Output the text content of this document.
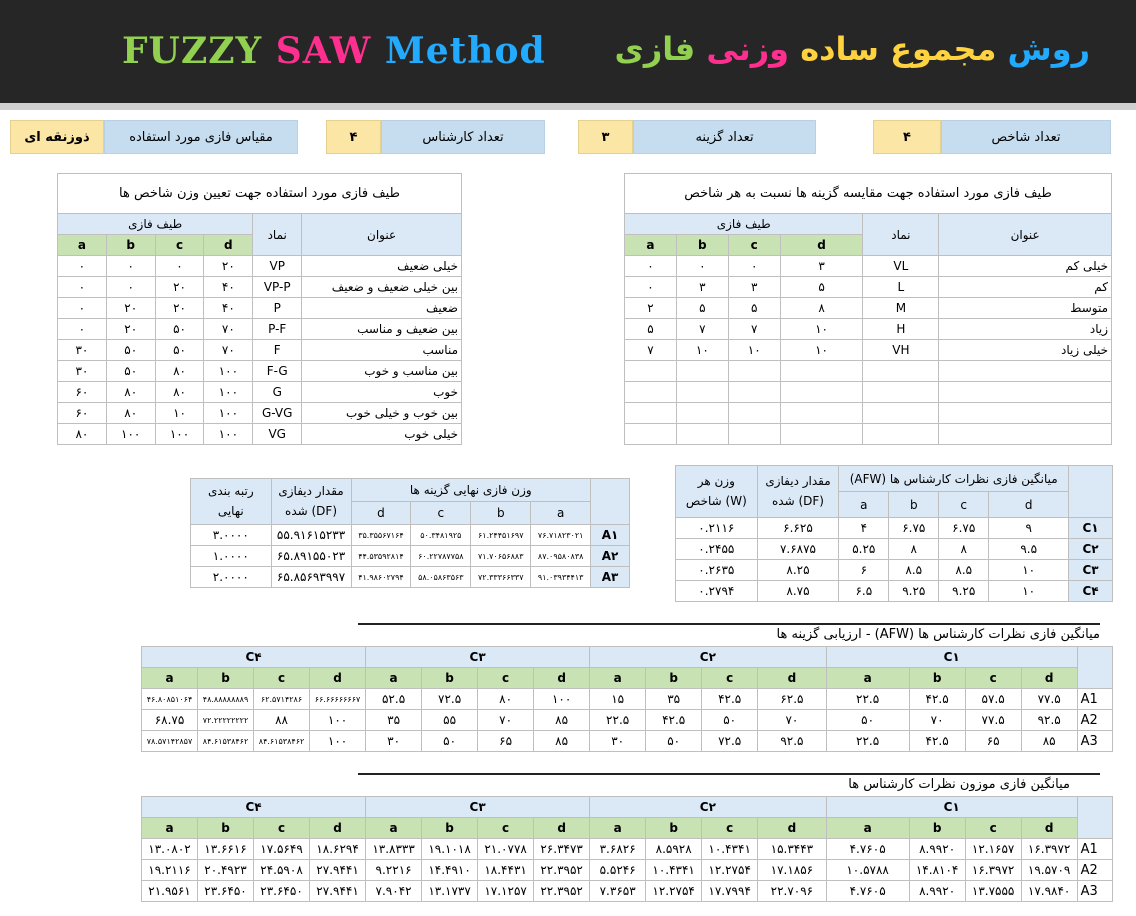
FUZZY SAW Method	روش مجموع ساده وزنی فازی
۴	تعداد شاخص
۳	تعداد گزینه
۴	تعداد کارشناس
ذوزنقه ای	مقیاس فازی مورد استفاده
طیف فازی مورد استفاده جهت تعیین وزن شاخص ها					
طیف فازی				نماد	عنوان
a	b	c	d		
۰	۰	۰	۲۰	VP	خیلی ضعیف
۰	۰	۲۰	۴۰	VP-P	بین خیلی ضعیف و ضعیف
۰	۲۰	۲۰	۴۰	P	ضعیف
۰	۲۰	۵۰	۷۰	P-F	بین ضعیف و مناسب
۳۰	۵۰	۵۰	۷۰	F	مناسب
۳۰	۵۰	۸۰	۱۰۰	F-G	بین مناسب و خوب
۶۰	۸۰	۸۰	۱۰۰	G	خوب
۶۰	۸۰	۱۰	۱۰۰	G-VG	بین خوب و خیلی خوب
۸۰	۱۰۰	۱۰۰	۱۰۰	VG	خیلی خوب
طیف فازی مورد استفاده جهت مقایسه گزینه ها نسبت به هر شاخص					
طیف فازی				نماد	عنوان
a	b	c	d		
۰	۰	۰	۳	VL	خیلی کم
۰	۳	۳	۵	L	کم
۲	۵	۵	۸	M	متوسط
۵	۷	۷	۱۰	H	زیاد
۷	۱۰	۱۰	۱۰	VH	خیلی زیاد

رتبه بندی نهایی	مقدار دیفازی شده (DF)	وزن فازی نهایی گزینه ها				
		d	c	b	a	
۳.۰۰۰۰	۵۵.۹۱۶۱۵۲۳۳	۳۵.۳۵۵۶۷۱۶۴	۵۰.۳۴۸۱۹۲۵	۶۱.۲۴۴۵۱۶۹۷	۷۶.۷۱۸۲۳۰۲۱	A۱
۱.۰۰۰۰	۶۵.۸۹۱۵۵۰۲۳	۴۴.۵۳۵۹۲۸۱۴	۶۰.۲۲۷۸۷۷۵۸	۷۱.۷۰۶۵۶۸۸۳	۸۷.۰۹۵۸۰۸۳۸	A۲
۲.۰۰۰۰	۶۵.۸۵۶۹۳۹۹۷	۴۱.۹۸۶۰۲۷۹۴	۵۸.۰۵۸۶۳۵۶۳	۷۲.۳۳۳۶۶۳۳۷	۹۱.۰۳۹۳۴۴۱۳	A۳
وزن هر شاخص (W)	مقدار دیفازی شده (DF)	میانگین فازی نظرات کارشناس ها (AFW)				
		a	b	c	d	
۰.۲۱۱۶	۶.۶۲۵	۴	۶.۷۵	۶.۷۵	۹	C۱
۰.۲۴۵۵	۷.۶۸۷۵	۵.۲۵	۸	۸	۹.۵	C۲
۰.۲۶۳۵	۸.۲۵	۶	۸.۵	۸.۵	۱۰	C۳
۰.۲۷۹۴	۸.۷۵	۶.۵	۹.۲۵	۹.۲۵	۱۰	C۴
میانگین فازی نظرات کارشناس ها (AFW) - ارزیابی گزینه ها
C۴				C۳				C۲				C۱				
a	b	c	d	a	b	c	d	a	b	c	d	a	b	c	d	
۴۶.۸۰۸۵۱۰۶۴	۴۸.۸۸۸۸۸۸۸۹	۶۲.۵۷۱۴۲۸۶	۶۶.۶۶۶۶۶۶۶۷	۵۲.۵	۷۲.۵	۸۰	۱۰۰	۱۵	۳۵	۴۲.۵	۶۲.۵	۲۲.۵	۴۲.۵	۵۷.۵	۷۷.۵	A1
۶۸.۷۵	۷۲.۲۲۲۲۲۲۲۲	۸۸	۱۰۰	۳۵	۵۵	۷۰	۸۵	۲۲.۵	۴۲.۵	۵۰	۷۰	۵۰	۷۰	۷۷.۵	۹۲.۵	A2
۷۸.۵۷۱۴۲۸۵۷	۸۴.۶۱۵۳۸۴۶۲	۸۴.۶۱۵۳۸۴۶۲	۱۰۰	۳۰	۵۰	۶۵	۸۵	۳۰	۵۰	۷۲.۵	۹۲.۵	۲۲.۵	۴۲.۵	۶۵	۸۵	A3
میانگین فازی موزون نظرات کارشناس ها
C۴				C۳				C۲				C۱				
a	b	c	d	a	b	c	d	a	b	c	d	a	b	c	d	
۱۳.۰۸۰۲	۱۳.۶۶۱۶	۱۷.۵۶۴۹	۱۸.۶۲۹۴	۱۳.۸۳۳۳	۱۹.۱۰۱۸	۲۱.۰۷۷۸	۲۶.۳۴۷۳	۳.۶۸۲۶	۸.۵۹۲۸	۱۰.۴۳۴۱	۱۵.۳۴۴۳	۴.۷۶۰۵	۸.۹۹۲۰	۱۲.۱۶۵۷	۱۶.۳۹۷۲	A1
۱۹.۲۱۱۶	۲۰.۴۹۲۳	۲۴.۵۹۰۸	۲۷.۹۴۴۱	۹.۲۲۱۶	۱۴.۴۹۱۰	۱۸.۴۴۳۱	۲۲.۳۹۵۲	۵.۵۲۴۶	۱۰.۴۳۴۱	۱۲.۲۷۵۴	۱۷.۱۸۵۶	۱۰.۵۷۸۸	۱۴.۸۱۰۴	۱۶.۳۹۷۲	۱۹.۵۷۰۹	A2
۲۱.۹۵۶۱	۲۳.۶۴۵۰	۲۳.۶۴۵۰	۲۷.۹۴۴۱	۷.۹۰۴۲	۱۳.۱۷۳۷	۱۷.۱۲۵۷	۲۲.۳۹۵۲	۷.۳۶۵۳	۱۲.۲۷۵۴	۱۷.۷۹۹۴	۲۲.۷۰۹۶	۴.۷۶۰۵	۸.۹۹۲۰	۱۳.۷۵۵۵	۱۷.۹۸۴۰	A3
